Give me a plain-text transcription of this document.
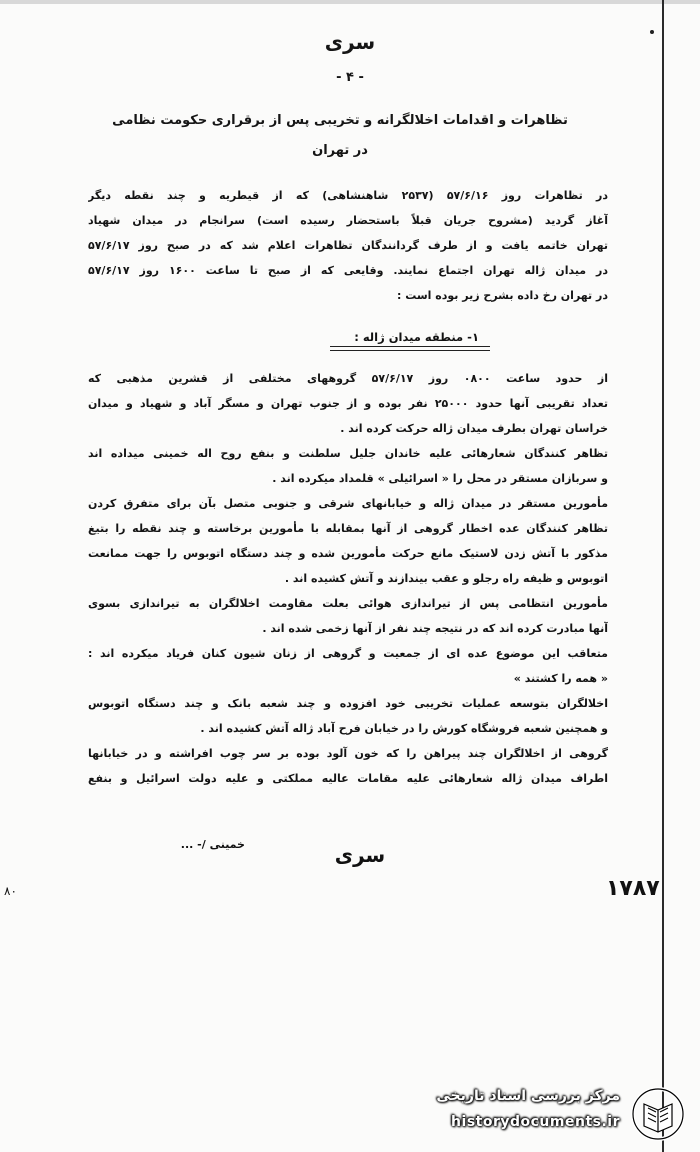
سری
- ۴ -
تظاهرات و اقدامات اخلالگرانه و تخریبی پس از برقراری حکومت نظامی
در تهران
در تظاهرات روز ۵۷/۶/۱۶ (۲۵۳۷ شاهنشاهی) که از قیطریه و چند نقطه دیگر
آغاز گردید (مشروح جریان قبلاً باستحضار رسیده است) سرانجام در میدان شهیاد
تهران خاتمه یافت و از طرف گردانندگان تظاهرات اعلام شد که در صبح روز ۵۷/۶/۱۷
در میدان ژاله تهران اجتماع نمایند. وقایعی که از صبح تا ساعت ۱۶۰۰ روز ۵۷/۶/۱۷
در تهران رخ داده بشرح زیر بوده است :
۱- منطقه میدان ژاله :
از حدود ساعت ۰۸۰۰ روز ۵۷/۶/۱۷ گروههای مختلفی از قشرین مذهبی که
تعداد تقریبی آنها حدود ۲۵۰۰۰ نفر بوده و از جنوب تهران و مسگر آباد و شهیاد و میدان
خراسان تهران بطرف میدان ژاله حرکت کرده اند .
تظاهر کنندگان شعارهائی علیه خاندان جلیل سلطنت و بنفع روح اله خمینی میداده اند
و سربازان مستقر در محل را « اسرائیلی » قلمداد میکرده اند .
مأمورین مستقر در میدان ژاله و خیابانهای شرقی و جنوبی متصل بآن برای متفرق کردن
تظاهر کنندگان عده اخطار گروهی از آنها بمقابله با مأمورین برخاسته و چند نقطه را بتیغ
مذکور با آتش زدن لاستیک مانع حرکت مأمورین شده و چند دستگاه اتوبوس را جهت ممانعت
اتوبوس و ظیفه راه رجلو و عقب بیندازند و آتش کشیده اند .
مأمورین انتظامی پس از تیراندازی هوائی بعلت مقاومت اخلالگران به تیراندازی بسوی
آنها مبادرت کرده اند که در نتیجه چند نفر از آنها زخمی شده اند .
متعاقب این موضوع عده ای از جمعیت و گروهی از زنان شیون کنان فریاد میکرده اند :
« همه را کشتند »
اخلالگران بتوسعه عملیات تخریبی خود افزوده و چند شعبه بانک و چند دستگاه اتوبوس
و همچنین شعبه فروشگاه کورش را در خیابان فرح آباد ژاله آتش کشیده اند .
گروهی از اخلالگران چند پیراهن را که خون آلود بوده بر سر چوب افراشته و در خیابانها
اطراف میدان ژاله شعارهائی علیه مقامات عالیه مملکتی و علیه دولت اسرائیل و بنفع
خمینی /- ...	سری
۱۷۸۷
۸۰
مرکز بررسی اسناد تاریخی
historydocuments.ir
